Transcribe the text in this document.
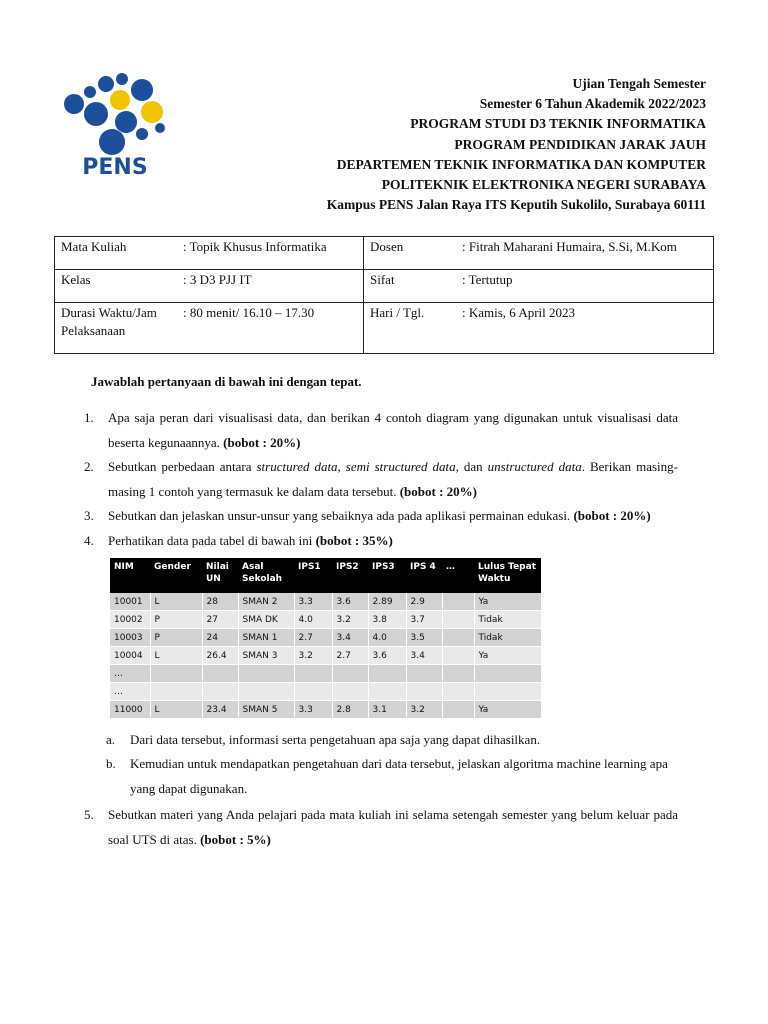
PENS
Ujian Tengah Semester
Semester 6 Tahun Akademik 2022/2023
PROGRAM STUDI D3 TEKNIK INFORMATIKA
PROGRAM PENDIDIKAN JARAK JAUH
DEPARTEMEN TEKNIK INFORMATIKA DAN KOMPUTER
POLITEKNIK ELEKTRONIKA NEGERI SURABAYA
Kampus PENS Jalan Raya ITS Keputih Sukolilo, Surabaya 60111
Mata Kuliah	: Topik Khusus Informatika	Dosen	: Fitrah Maharani Humaira, S.Si, M.Kom
Kelas	: 3 D3 PJJ IT	Sifat	: Tertutup
Durasi Waktu/Jam
Pelaksanaan	: 80 menit/ 16.10 – 17.30	Hari / Tgl.	: Kamis, 6 April 2023
Jawablah pertanyaan di bawah ini dengan tepat.
1.	Apa saja peran dari visualisasi data, dan berikan 4 contoh diagram yang digunakan untuk visualisasi data beserta kegunaannya. (bobot : 20%)
2.	Sebutkan perbedaan antara structured data, semi structured data, dan unstructured data. Berikan masing-masing 1 contoh yang termasuk ke dalam data tersebut. (bobot : 20%)
3.	Sebutkan dan jelaskan unsur-unsur yang sebaiknya ada pada aplikasi permainan edukasi. (bobot : 20%)
4.	Perhatikan data pada tabel di bawah ini (bobot : 35%)
NIM	Gender	Nilai UN	Asal Sekolah	IPS1	IPS2	IPS3	IPS 4	…	Lulus Tepat Waktu
10001	L	28	SMAN 2	3.3	3.6	2.89	2.9		Ya
10002	P	27	SMA DK	4.0	3.2	3.8	3.7		Tidak
10003	P	24	SMAN 1	2.7	3.4	4.0	3.5		Tidak
10004	L	26.4	SMAN 3	3.2	2.7	3.6	3.4		Ya
…									
…									
11000	L	23.4	SMAN 5	3.3	2.8	3.1	3.2		Ya
a. Dari data tersebut, informasi serta pengetahuan apa saja yang dapat dihasilkan.
b. Kemudian untuk mendapatkan pengetahuan dari data tersebut, jelaskan algoritma machine learning apa yang dapat digunakan.
5.	Sebutkan materi yang Anda pelajari pada mata kuliah ini selama setengah semester yang belum keluar pada soal UTS di atas. (bobot : 5%)
